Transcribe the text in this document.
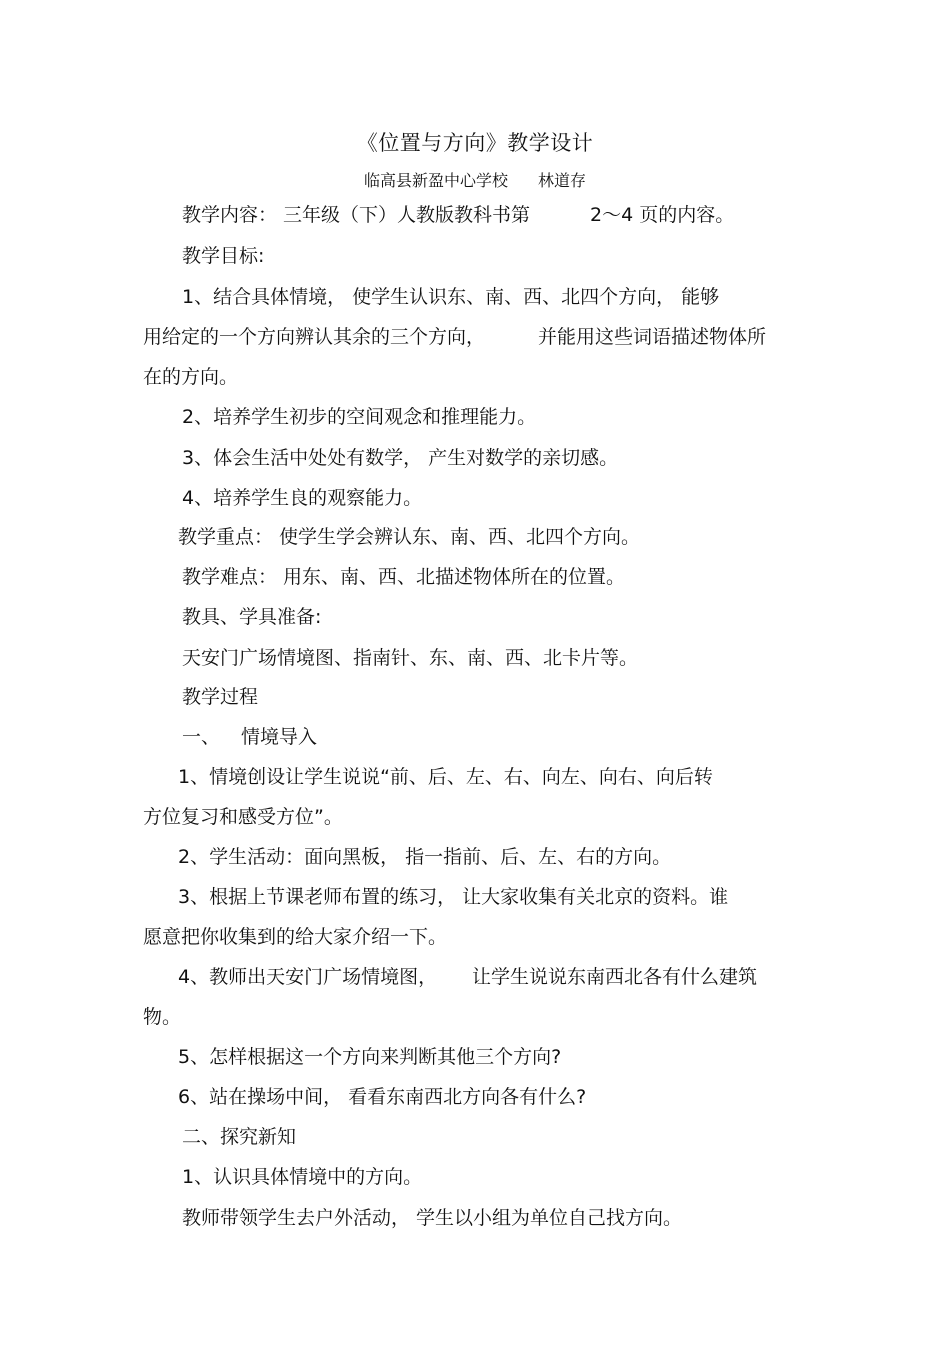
《位置与方向》教学设计
临高县新盈中心学校 林道存
教学内容： 三年级（下）人教版教科书第	2～4 页的内容。
教学目标:
1、结合具体情境， 使学生认识东、南、西、北四个方向， 能够
用给定的一个方向辨认其余的三个方向，	并能用这些词语描述物体所
在的方向。
2、培养学生初步的空间观念和推理能力。
3、体会生活中处处有数学， 产生对数学的亲切感。
4、培养学生良的观察能力。
教学重点： 使学生学会辨认东、南、西、北四个方向。
教学难点： 用东、南、西、北描述物体所在的位置。
教具、学具准备:
天安门广场情境图、指南针、东、南、西、北卡片等。
教学过程
一、 情境导入
1、情境创设让学生说说“前、后、左、右、向左、向右、向后转
方位复习和感受方位”。
2、学生活动：面向黑板， 指一指前、后、左、右的方向。
3、根据上节课老师布置的练习， 让大家收集有关北京的资料。谁
愿意把你收集到的给大家介绍一下。
4、教师出天安门广场情境图， 让学生说说东南西北各有什么建筑
物。
5、怎样根据这一个方向来判断其他三个方向?
6、站在操场中间， 看看东南西北方向各有什么?
二、探究新知
1、认识具体情境中的方向。
教师带领学生去户外活动， 学生以小组为单位自己找方向。
